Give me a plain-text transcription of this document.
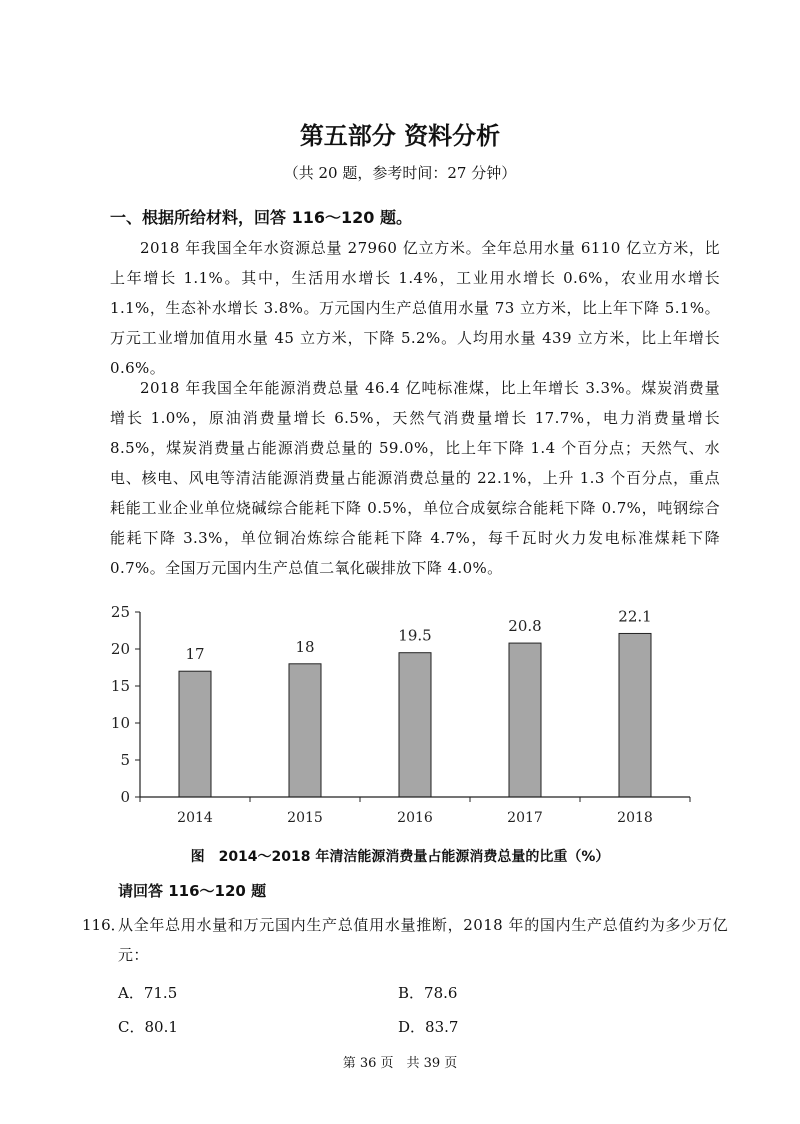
第五部分 资料分析
（共 20 题，参考时间：27 分钟）
一、根据所给材料，回答 116～120 题。
2018 年我国全年水资源总量 27960 亿立方米。全年总用水量 6110 亿立方米，比上年增长 1.1%。其中，生活用水增长 1.4%，工业用水增长 0.6%，农业用水增长 1.1%，生态补水增长 3.8%。万元国内生产总值用水量 73 立方米，比上年下降 5.1%。万元工业增加值用水量 45 立方米，下降 5.2%。人均用水量 439 立方米，比上年增长 0.6%。
2018 年我国全年能源消费总量 46.4 亿吨标准煤，比上年增长 3.3%。煤炭消费量增长 1.0%，原油消费量增长 6.5%，天然气消费量增长 17.7%，电力消费量增长 8.5%，煤炭消费量占能源消费总量的 59.0%，比上年下降 1.4 个百分点；天然气、水电、核电、风电等清洁能源消费量占能源消费总量的 22.1%，上升 1.3 个百分点，重点耗能工业企业单位烧碱综合能耗下降 0.5%，单位合成氨综合能耗下降 0.7%，吨钢综合能耗下降 3.3%，单位铜冶炼综合能耗下降 4.7%，每千瓦时火力发电标准煤耗下降 0.7%。全国万元国内生产总值二氧化碳排放下降 4.0%。
0
5
10
15
20
25
17	18
19.5
20.8
22.1
2014	2015	2016	2017	2018
图　2014～2018 年清洁能源消费量占能源消费总量的比重（%）
请回答 116～120 题
116．
从全年总用水量和万元国内生产总值用水量推断，2018 年的国内生产总值约为多少万亿元：
A．71.5	B．78.6
C．80.1	D．83.7
第 36 页　共 39 页
